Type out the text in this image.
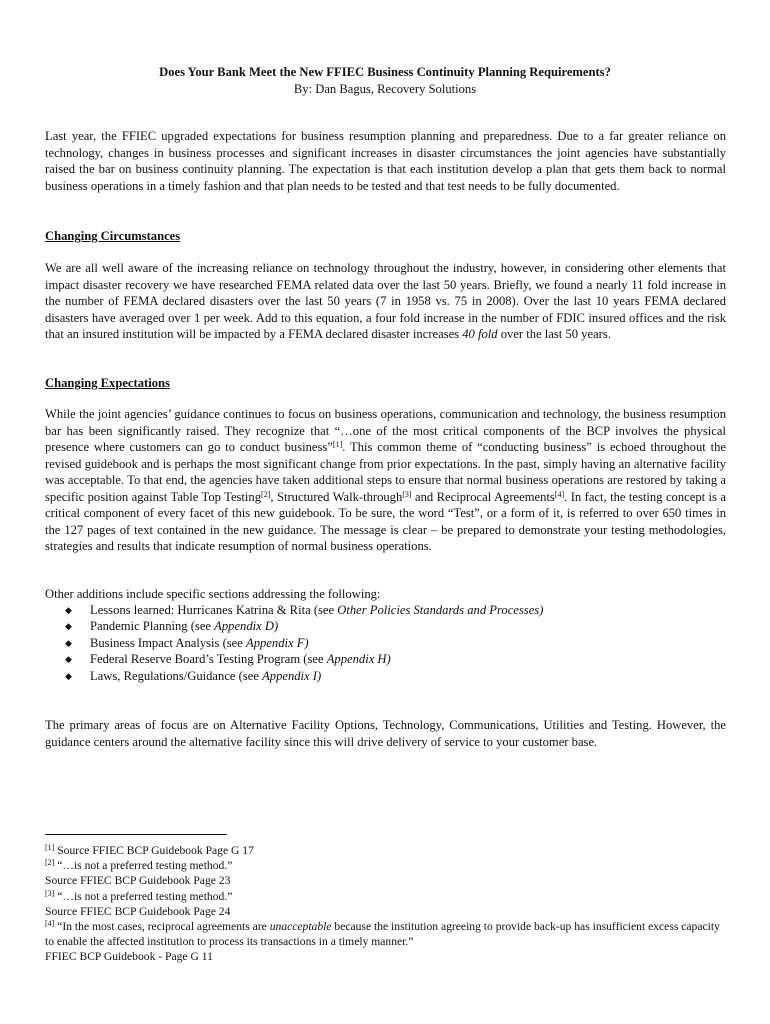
Does Your Bank Meet the New FFIEC Business Continuity Planning Requirements?
By: Dan Bagus, Recovery Solutions

Last year, the FFIEC upgraded expectations for business resumption planning and preparedness. Due to a far greater reliance on technology, changes in business processes and significant increases in disaster circumstances the joint agencies have substantially raised the bar on business continuity planning. The expectation is that each institution develop a plan that gets them back to normal business operations in a timely fashion and that plan needs to be tested and that test needs to be fully documented.

Changing Circumstances

We are all well aware of the increasing reliance on technology throughout the industry, however, in considering other elements that impact disaster recovery we have researched FEMA related data over the last 50 years. Briefly, we found a nearly 11 fold increase in the number of FEMA declared disasters over the last 50 years (7 in 1958 vs. 75 in 2008). Over the last 10 years FEMA declared disasters have averaged over 1 per week. Add to this equation, a four fold increase in the number of FDIC insured offices and the risk that an insured institution will be impacted by a FEMA declared disaster increases 40 fold over the last 50 years.

Changing Expectations

While the joint agencies’ guidance continues to focus on business operations, communication and technology, the business resumption bar has been significantly raised. They recognize that “…one of the most critical components of the BCP involves the physical presence where customers can go to conduct business”[1]. This common theme of “conducting business” is echoed throughout the revised guidebook and is perhaps the most significant change from prior expectations. In the past, simply having an alternative facility was acceptable. To that end, the agencies have taken additional steps to ensure that normal business operations are restored by taking a specific position against Table Top Testing[2], Structured Walk-through[3] and Reciprocal Agreements[4]. In fact, the testing concept is a critical component of every facet of this new guidebook. To be sure, the word “Test”, or a form of it, is referred to over 650 times in the 127 pages of text contained in the new guidance. The message is clear – be prepared to demonstrate your testing methodologies, strategies and results that indicate resumption of normal business operations.

Other additions include specific sections addressing the following:
◆ Lessons learned: Hurricanes Katrina & Rita (see Other Policies Standards and Processes)
◆ Pandemic Planning (see Appendix D)
◆ Business Impact Analysis (see Appendix F)
◆ Federal Reserve Board’s Testing Program (see Appendix H)
◆ Laws, Regulations/Guidance (see Appendix I)

The primary areas of focus are on Alternative Facility Options, Technology, Communications, Utilities and Testing. However, the guidance centers around the alternative facility since this will drive delivery of service to your customer base.

[1] Source FFIEC BCP Guidebook Page G 17
[2] “…is not a preferred testing method.”
Source FFIEC BCP Guidebook Page 23
[3] “…is not a preferred testing method.”
Source FFIEC BCP Guidebook Page 24
[4] “In the most cases, reciprocal agreements are unacceptable because the institution agreeing to provide back-up has insufficient excess capacity to enable the affected institution to process its transactions in a timely manner.”
FFIEC BCP Guidebook - Page G 11
